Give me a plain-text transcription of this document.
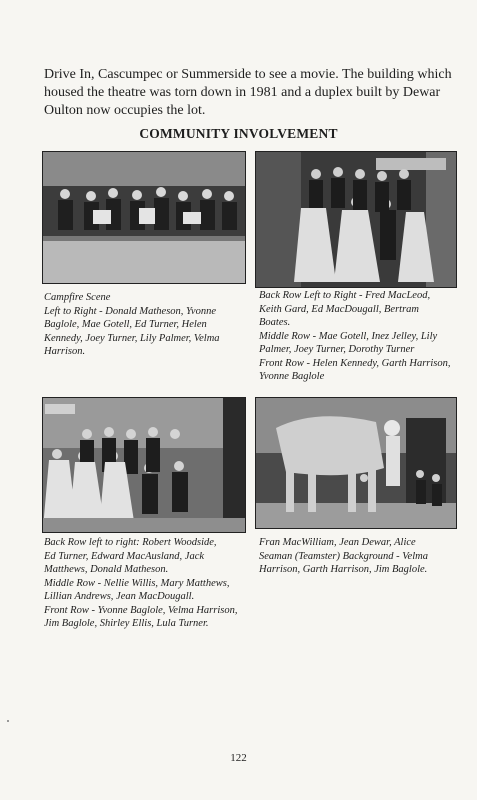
Drive In, Cascumpec or Summerside to see a movie. The building which housed the theatre was torn down in 1981 and a duplex built by Dewar Oulton now occupies the lot.

COMMUNITY INVOLVEMENT
Campfire Scene
Left to Right - Donald Matheson, Yvonne
Baglole, Mae Gotell, Ed Turner, Helen
Kennedy, Joey Turner, Lily Palmer, Velma
Harrison.
Back Row Left to Right - Fred MacLeod,
Keith Gard, Ed MacDougall, Bertram
Boates.
Middle Row - Mae Gotell, Inez Jelley, Lily
Palmer, Joey Turner, Dorothy Turner
Front Row - Helen Kennedy, Garth Harrison,
Yvonne Baglole
Back Row left to right: Robert Woodside,
Ed Turner, Edward MacAusland, Jack
Matthews, Donald Matheson.
Middle Row - Nellie Willis, Mary Matthews,
Lillian Andrews, Jean MacDougall.
Front Row - Yvonne Baglole, Velma Harrison,
Jim Baglole, Shirley Ellis, Lula Turner.
Fran MacWilliam, Jean Dewar, Alice
Seaman (Teamster) Background - Velma
Harrison, Garth Harrison, Jim Baglole.
122
